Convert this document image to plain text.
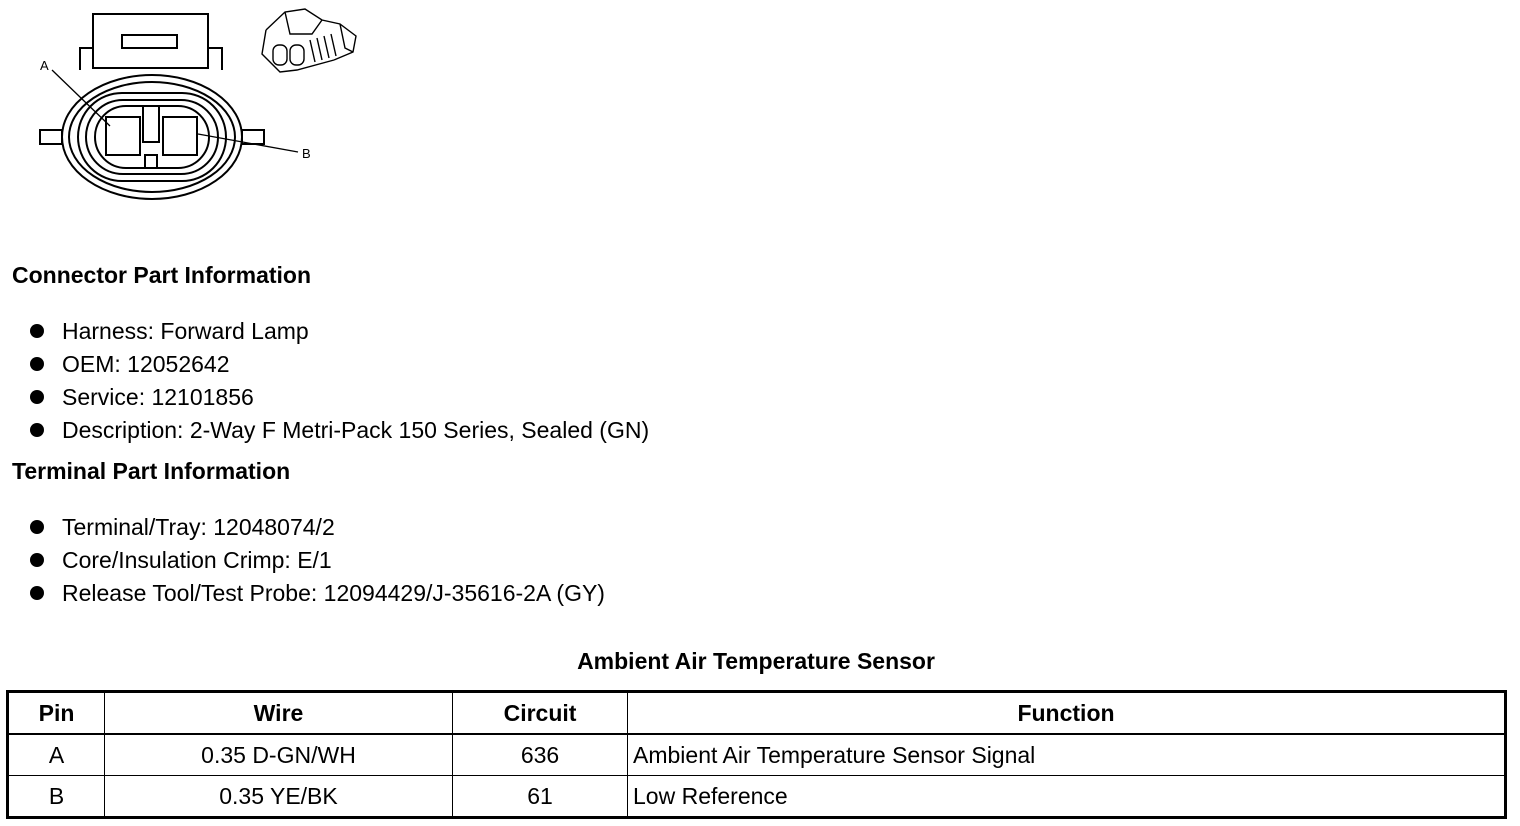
A
B
Connector Part Information
Harness: Forward Lamp
OEM: 12052642
Service: 12101856
Description: 2-Way F Metri-Pack 150 Series, Sealed (GN)
Terminal Part Information
Terminal/Tray: 12048074/2
Core/Insulation Crimp: E/1
Release Tool/Test Probe: 12094429/J-35616-2A (GY)
Ambient Air Temperature Sensor
Pin	Wire	Circuit	Function
A	0.35 D-GN/WH	636	Ambient Air Temperature Sensor Signal
B	0.35 YE/BK	61	Low Reference
